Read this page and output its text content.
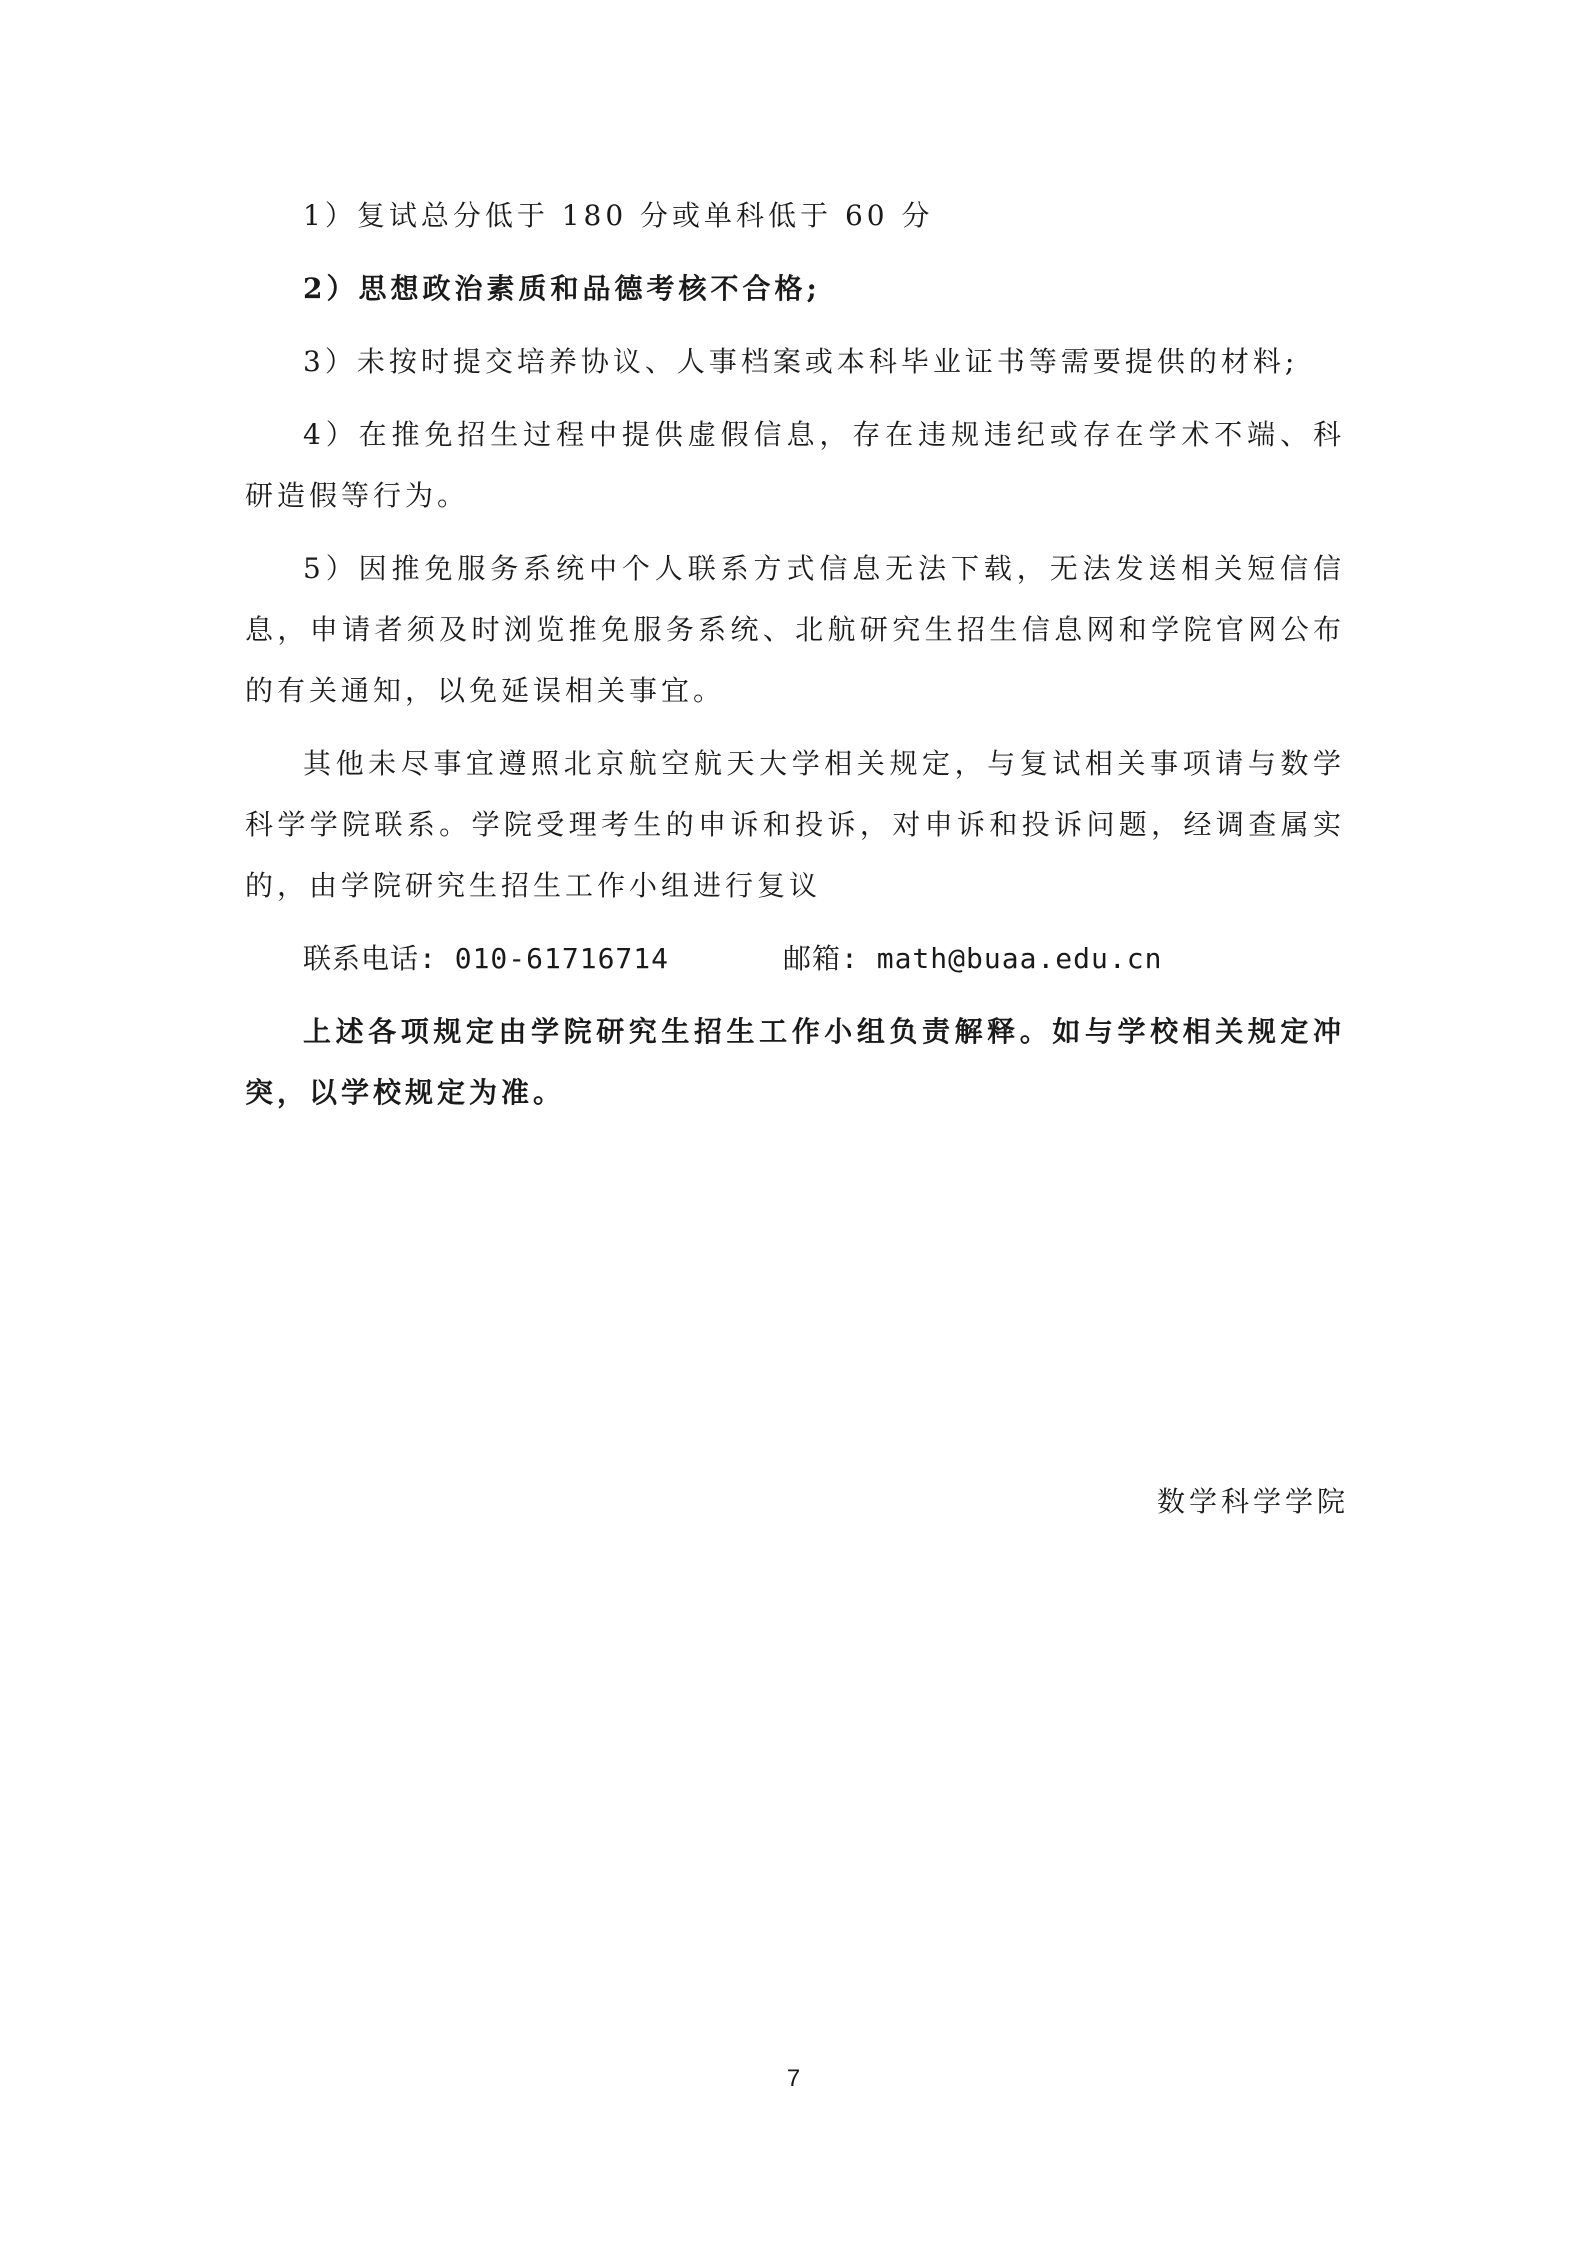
1）复试总分低于 180 分或单科低于 60 分

2）思想政治素质和品德考核不合格;

3）未按时提交培养协议、人事档案或本科毕业证书等需要提供的材料;

4）在推免招生过程中提供虚假信息，存在违规违纪或存在学术不端、科研造假等行为。

5）因推免服务系统中个人联系方式信息无法下载，无法发送相关短信信息，申请者须及时浏览推免服务系统、北航研究生招生信息网和学院官网公布的有关通知，以免延误相关事宜。

其他未尽事宜遵照北京航空航天大学相关规定，与复试相关事项请与数学科学学院联系。学院受理考生的申诉和投诉，对申诉和投诉问题，经调查属实的，由学院研究生招生工作小组进行复议

联系电话: 010-61716714	邮箱: math@buaa.edu.cn

上述各项规定由学院研究生招生工作小组负责解释。如与学校相关规定冲突，以学校规定为准。

数学科学学院
7
